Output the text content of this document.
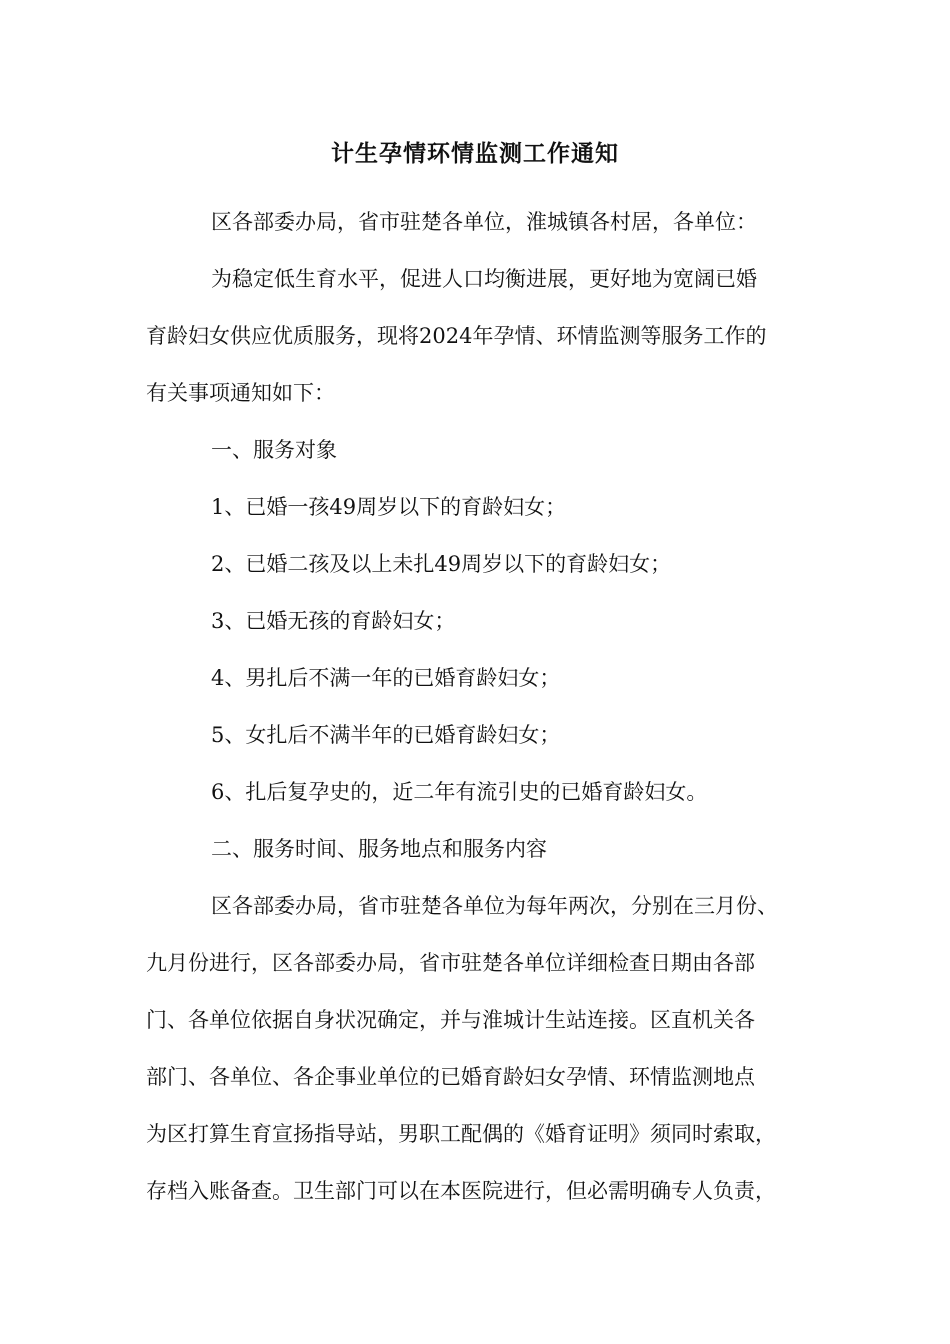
计生孕情环情监测工作通知
区各部委办局，省市驻楚各单位，淮城镇各村居，各单位：
为稳定低生育水平，促进人口均衡进展，更好地为宽阔已婚
育龄妇女供应优质服务，现将2024年孕情、环情监测等服务工作的
有关事项通知如下：
一、服务对象
1、已婚一孩49周岁以下的育龄妇女；
2、已婚二孩及以上未扎49周岁以下的育龄妇女；
3、已婚无孩的育龄妇女；
4、男扎后不满一年的已婚育龄妇女；
5、女扎后不满半年的已婚育龄妇女；
6、扎后复孕史的，近二年有流引史的已婚育龄妇女。
二、服务时间、服务地点和服务内容
区各部委办局，省市驻楚各单位为每年两次，分别在三月份、
九月份进行，区各部委办局，省市驻楚各单位详细检查日期由各部
门、各单位依据自身状况确定，并与淮城计生站连接。区直机关各
部门、各单位、各企事业单位的已婚育龄妇女孕情、环情监测地点
为区打算生育宣扬指导站，男职工配偶的《婚育证明》须同时索取，
存档入账备查。卫生部门可以在本医院进行，但必需明确专人负责，
